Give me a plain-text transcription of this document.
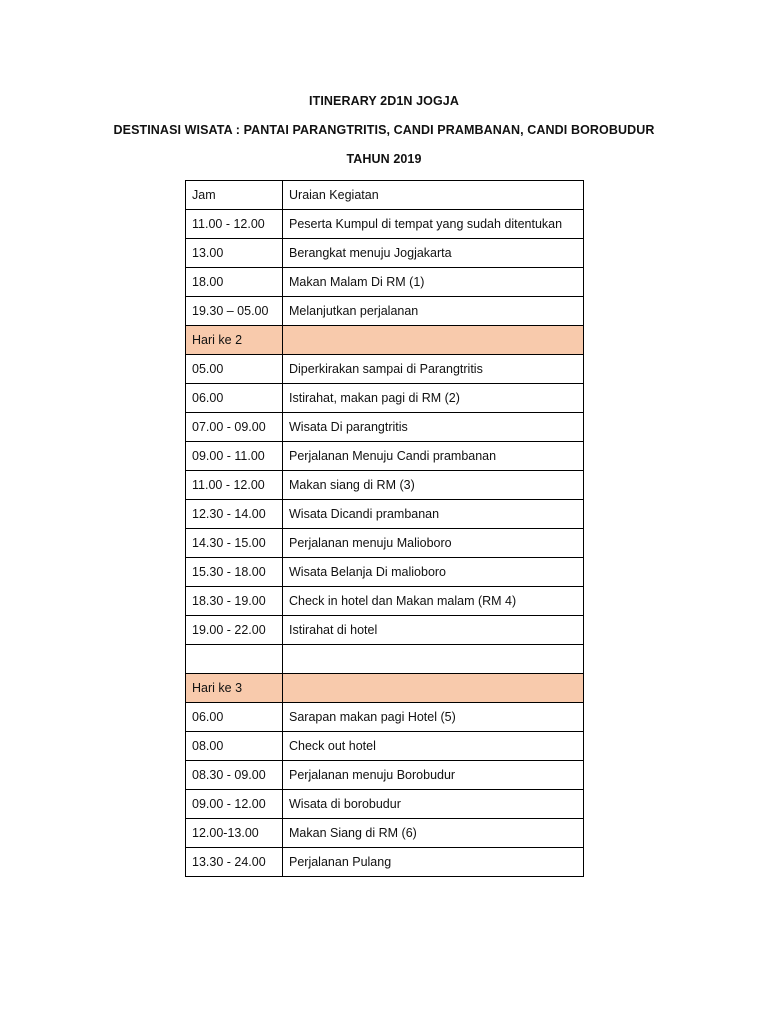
ITINERARY 2D1N JOGJA
DESTINASI WISATA : PANTAI PARANGTRITIS, CANDI PRAMBANAN, CANDI BOROBUDUR
TAHUN 2019
Jam	Uraian Kegiatan
11.00 - 12.00	Peserta Kumpul di tempat yang sudah ditentukan
13.00	Berangkat menuju Jogjakarta
18.00	Makan Malam Di RM (1)
19.30 – 05.00	Melanjutkan perjalanan
Hari ke 2	
05.00	Diperkirakan sampai di Parangtritis
06.00	Istirahat, makan pagi di RM (2)
07.00 - 09.00	Wisata Di parangtritis
09.00 - 11.00	Perjalanan Menuju Candi prambanan
11.00 - 12.00	Makan siang di RM (3)
12.30 - 14.00	Wisata Dicandi prambanan
14.30 - 15.00	Perjalanan menuju Malioboro
15.30 - 18.00	Wisata Belanja Di malioboro
18.30 - 19.00	Check in hotel dan Makan malam (RM 4)
19.00 - 22.00	Istirahat di hotel

Hari ke 3	
06.00	Sarapan makan pagi Hotel (5)
08.00	Check out hotel
08.30 - 09.00	Perjalanan menuju Borobudur
09.00 - 12.00	Wisata di borobudur
12.00-13.00	Makan Siang di RM (6)
13.30 - 24.00	Perjalanan Pulang
